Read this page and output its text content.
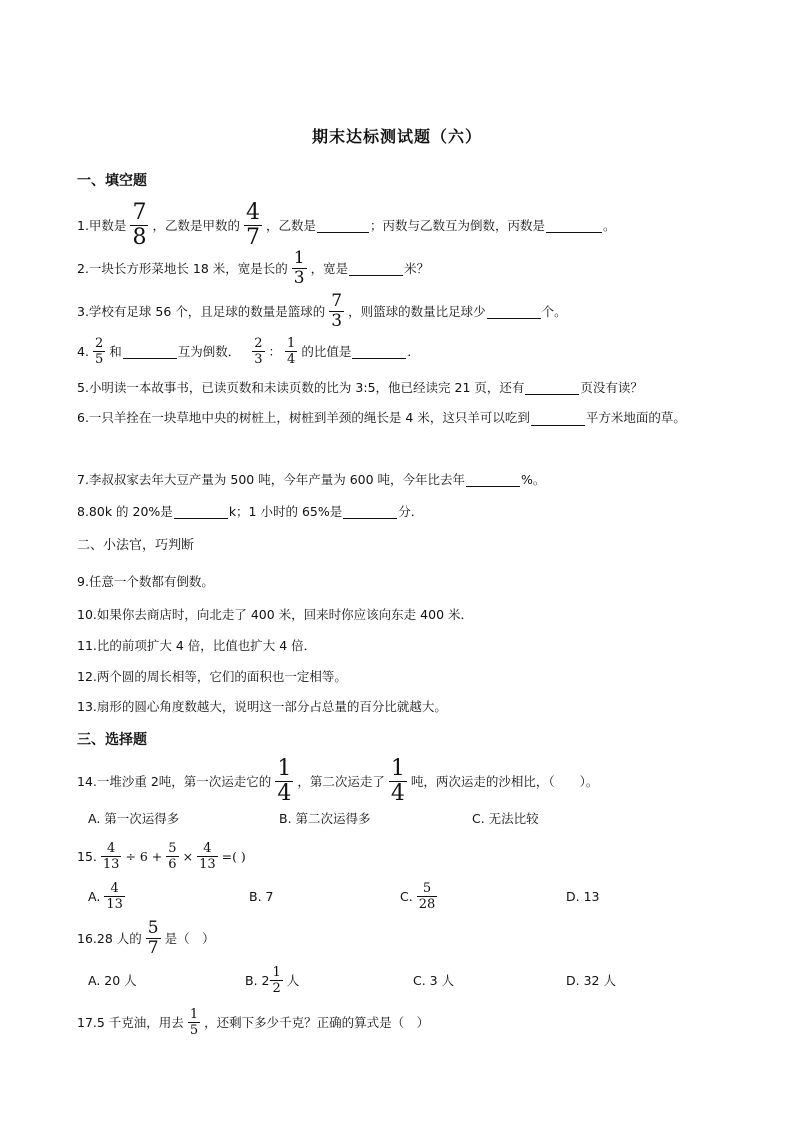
期末达标测试题（六）
一、填空题
1.甲数是 $\frac{7}{8}$ ，乙数是甲数的 $\frac{4}{7}$ ，乙数是	；丙数与乙数互为倒数，丙数是	。
2.一块长方形菜地长 18 米，宽是长的 $\frac{1}{3}$ ，宽是	米？
3.学校有足球 56 个，且足球的数量是篮球的 $\frac{7}{3}$ ，则篮球的数量比足球少	个。
4. $\frac{2}{5}$ 和	互为倒数． $\frac{2}{3}$ ： $\frac{1}{4}$ 的比值是	．
5.小明读一本故事书，已读页数和未读页数的比为 3:5，他已经读完 21 页，还有	页没有读？
6.一只羊拴在一块草地中央的树桩上，树桩到羊颈的绳长是 4 米，这只羊可以吃到	平方米地面的草。
7.李叔叔家去年大豆产量为 500 吨，今年产量为 600 吨，今年比去年	%。
8.80k 的 20%是	k；1 小时的 65%是	分．
二、小法官，巧判断
9.任意一个数都有倒数。
10.如果你去商店时，向北走了 400 米，回来时你应该向东走 400 米．
11.比的前项扩大 4 倍，比值也扩大 4 倍．
12.两个圆的周长相等，它们的面积也一定相等。
13.扇形的圆心角度数越大，说明这一部分占总量的百分比就越大。
三、选择题
14.一堆沙重 2吨，第一次运走它的 $\frac{1}{4}$ ，第二次运走了 $\frac{1}{4}$ 吨，两次运走的沙相比，（　　）。
A. 第一次运得多	B. 第二次运得多	C. 无法比较
15. $\frac{4}{13} \div 6 + \frac{5}{6} \times \frac{4}{13}$ =( )
A. $\frac{4}{13}$	B. 7	C. $\frac{5}{28}$	D. 13
16.28 人的 $\frac{5}{7}$ 是（　）
A. 20 人	B. $2 \frac{1}{2}$ 人	C. 3 人	D. 32 人
17.5 千克油，用去 $\frac{1}{5}$ ，还剩下多少千克？正确的算式是（　）
